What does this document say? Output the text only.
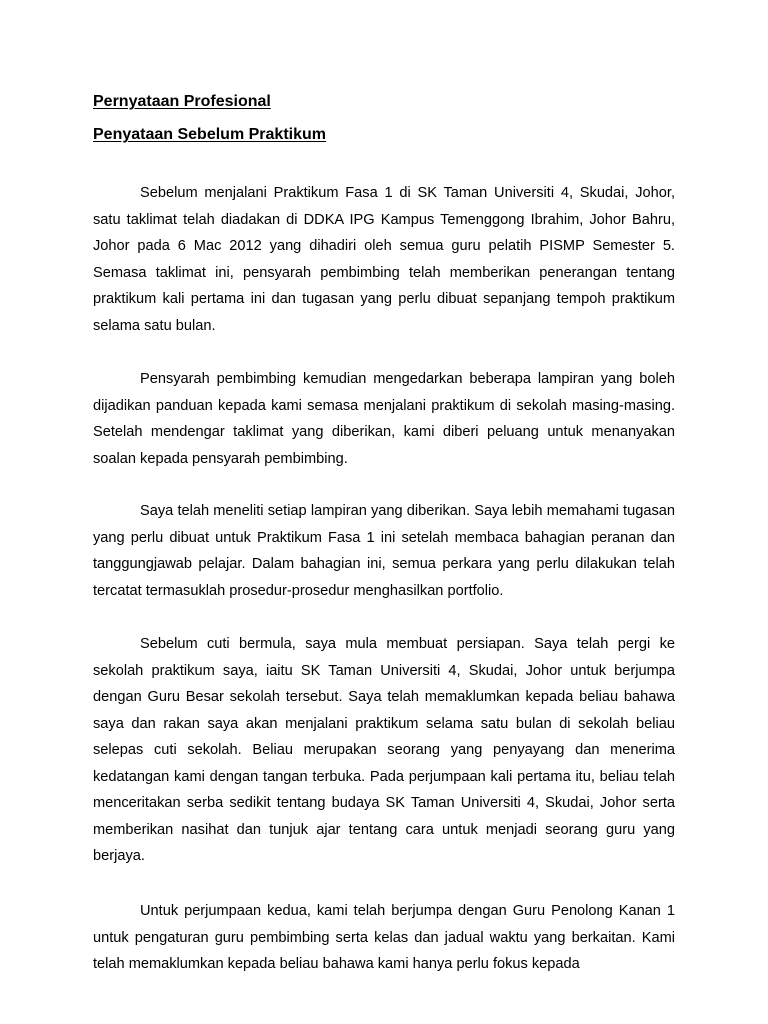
Pernyataan Profesional
Penyataan Sebelum Praktikum

Sebelum menjalani Praktikum Fasa 1 di SK Taman Universiti 4, Skudai, Johor, satu taklimat telah diadakan di DDKA IPG Kampus Temenggong Ibrahim, Johor Bahru, Johor pada 6 Mac 2012 yang dihadiri oleh semua guru pelatih PISMP Semester 5. Semasa taklimat ini, pensyarah pembimbing telah memberikan penerangan tentang praktikum kali pertama ini dan tugasan yang perlu dibuat sepanjang tempoh praktikum selama satu bulan.

Pensyarah pembimbing kemudian mengedarkan beberapa lampiran yang boleh dijadikan panduan kepada kami semasa menjalani praktikum di sekolah masing-masing. Setelah mendengar taklimat yang diberikan, kami diberi peluang untuk menanyakan soalan kepada pensyarah pembimbing.

Saya telah meneliti setiap lampiran yang diberikan. Saya lebih memahami tugasan yang perlu dibuat untuk Praktikum Fasa 1 ini setelah membaca bahagian peranan dan tanggungjawab pelajar. Dalam bahagian ini, semua perkara yang perlu dilakukan telah tercatat termasuklah prosedur-prosedur menghasilkan portfolio.

Sebelum cuti bermula, saya mula membuat persiapan. Saya telah pergi ke sekolah praktikum saya, iaitu SK Taman Universiti 4, Skudai, Johor untuk berjumpa dengan Guru Besar sekolah tersebut. Saya telah memaklumkan kepada beliau bahawa saya dan rakan saya akan menjalani praktikum selama satu bulan di sekolah beliau selepas cuti sekolah. Beliau merupakan seorang yang penyayang dan menerima kedatangan kami dengan tangan terbuka. Pada perjumpaan kali pertama itu, beliau telah menceritakan serba sedikit tentang budaya SK Taman Universiti 4, Skudai, Johor serta memberikan nasihat dan tunjuk ajar tentang cara untuk menjadi seorang guru yang berjaya.

Untuk perjumpaan kedua, kami telah berjumpa dengan Guru Penolong Kanan 1 untuk pengaturan guru pembimbing serta kelas dan jadual waktu yang berkaitan. Kami telah memaklumkan kepada beliau bahawa kami hanya perlu fokus kepada
